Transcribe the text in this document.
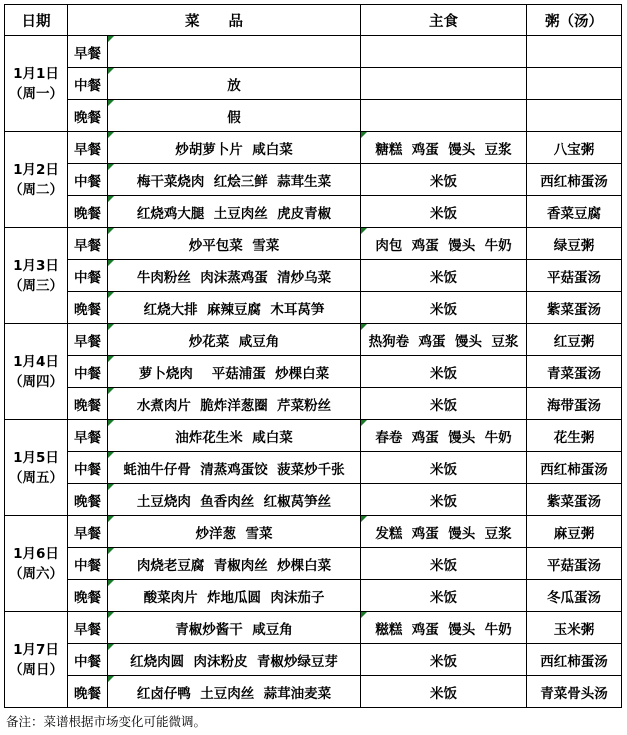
日期	菜　　品		主食	粥（汤）

1月1日
（周一）	早餐			
	中餐	放		
	晚餐	假		

1月2日
（周二）	早餐	炒胡萝卜片  咸白菜	糖糕  鸡蛋  馒头  豆浆	八宝粥
	中餐	梅干菜烧肉  红烩三鲜  蒜茸生菜	米饭	西红柿蛋汤
	晚餐	红烧鸡大腿  土豆肉丝  虎皮青椒	米饭	香菜豆腐

1月3日
（周三）	早餐	炒平包菜  雪菜	肉包  鸡蛋  馒头  牛奶	绿豆粥
	中餐	牛肉粉丝  肉沫蒸鸡蛋  清炒乌菜	米饭	平菇蛋汤
	晚餐	红烧大排  麻辣豆腐  木耳莴笋	米饭	紫菜蛋汤

1月4日
（周四）	早餐	炒花菜  咸豆角	热狗卷  鸡蛋  馒头  豆浆	红豆粥
	中餐	萝卜烧肉    平菇浦蛋  炒棵白菜	米饭	青菜蛋汤
	晚餐	水煮肉片  脆炸洋葱圈  芹菜粉丝	米饭	海带蛋汤

1月5日
（周五）	早餐	油炸花生米  咸白菜	春卷  鸡蛋  馒头  牛奶	花生粥
	中餐	蚝油牛仔骨  清蒸鸡蛋饺  菠菜炒千张	米饭	西红柿蛋汤
	晚餐	土豆烧肉  鱼香肉丝  红椒莴笋丝	米饭	紫菜蛋汤

1月6日
（周六）	早餐	炒洋葱  雪菜	发糕  鸡蛋  馒头  豆浆	麻豆粥
	中餐	肉烧老豆腐  青椒肉丝  炒棵白菜	米饭	平菇蛋汤
	晚餐	酸菜肉片  炸地瓜圆  肉沫茄子	米饭	冬瓜蛋汤

1月7日
（周日）	早餐	青椒炒酱干  咸豆角	糍糕  鸡蛋  馒头  牛奶	玉米粥
	中餐	红烧肉圆  肉沫粉皮  青椒炒绿豆芽	米饭	西红柿蛋汤
	晚餐	红卤仔鸭  土豆肉丝  蒜茸油麦菜	米饭	青菜骨头汤
备注：菜谱根据市场变化可能微调。
